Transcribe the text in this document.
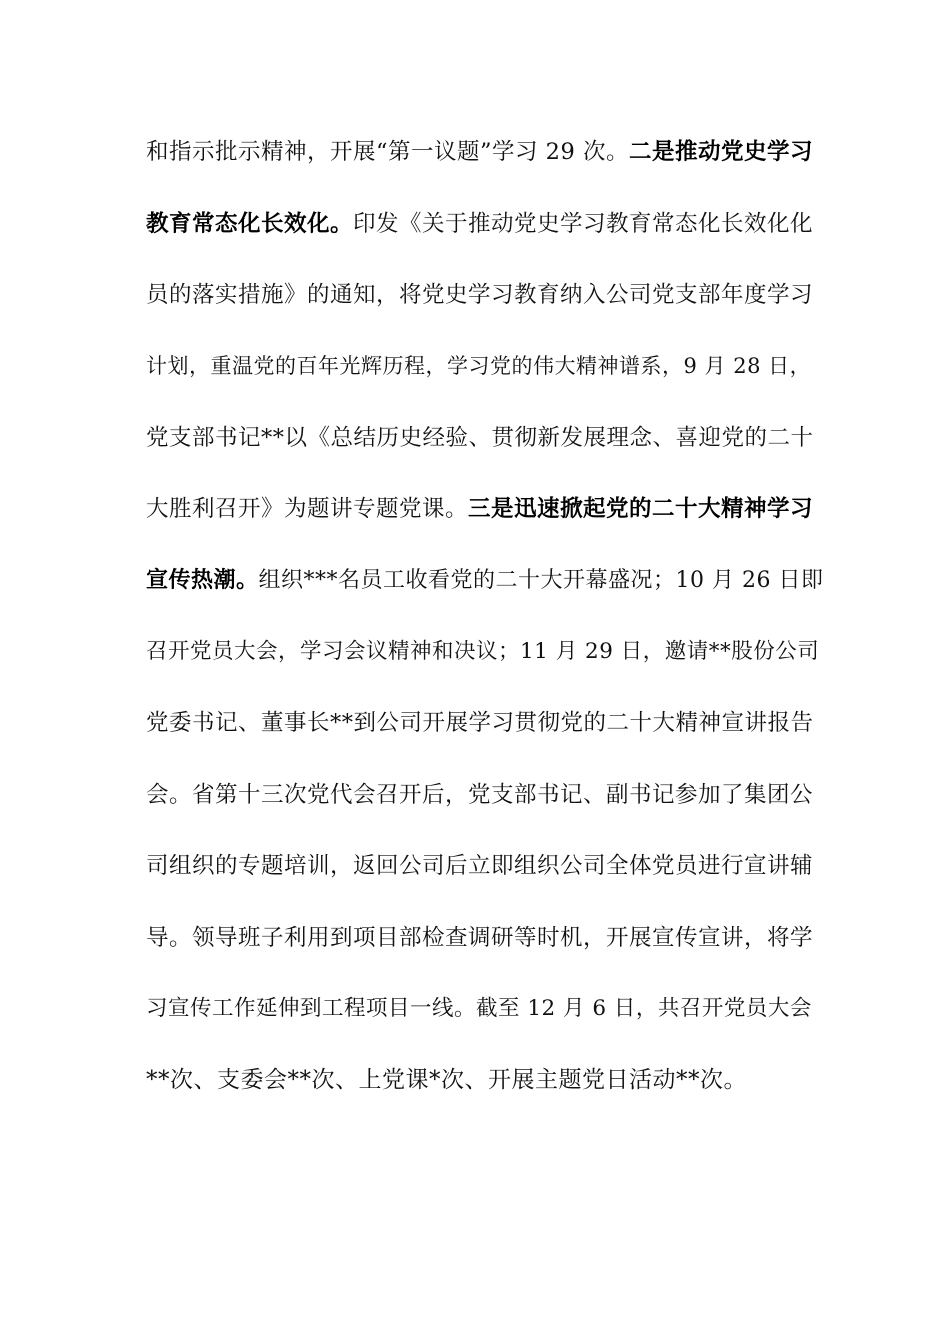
和指示批示精神，开展“第一议题”学习 29 次。二是推动党史学习
教育常态化长效化。印发《关于推动党史学习教育常态化长效化化
员的落实措施》的通知，将党史学习教育纳入公司党支部年度学习
计划，重温党的百年光辉历程，学习党的伟大精神谱系，9 月 28 日，
党支部书记**以《总结历史经验、贯彻新发展理念、喜迎党的二十
大胜利召开》为题讲专题党课。三是迅速掀起党的二十大精神学习
宣传热潮。组织***名员工收看党的二十大开幕盛况；10 月 26 日即
召开党员大会，学习会议精神和决议；11 月 29 日，邀请**股份公司
党委书记、董事长**到公司开展学习贯彻党的二十大精神宣讲报告
会。省第十三次党代会召开后，党支部书记、副书记参加了集团公
司组织的专题培训，返回公司后立即组织公司全体党员进行宣讲辅
导。领导班子利用到项目部检查调研等时机，开展宣传宣讲，将学
习宣传工作延伸到工程项目一线。截至 12 月 6 日，共召开党员大会
**次、支委会**次、上党课*次、开展主题党日活动**次。
